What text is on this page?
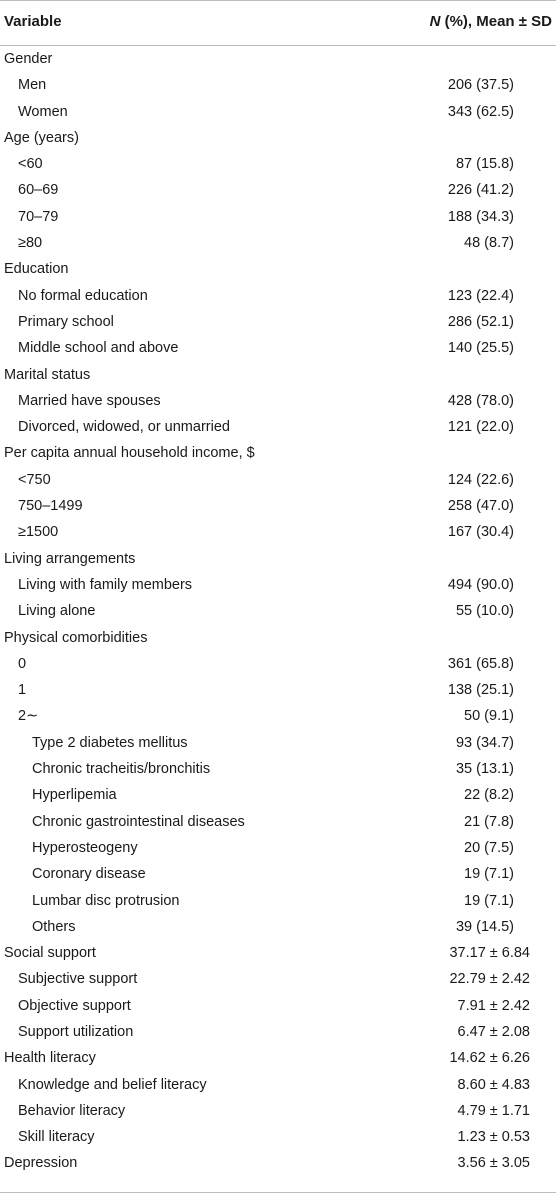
Variable	N (%), Mean ± SD
Gender
Men	206 (37.5)
Women	343 (62.5)
Age (years)
<60	87 (15.8)
60–69	226 (41.2)
70–79	188 (34.3)
≥80	48 (8.7)
Education
No formal education	123 (22.4)
Primary school	286 (52.1)
Middle school and above	140 (25.5)
Marital status
Married have spouses	428 (78.0)
Divorced, widowed, or unmarried	121 (22.0)
Per capita annual household income, $
<750	124 (22.6)
750–1499	258 (47.0)
≥1500	167 (30.4)
Living arrangements
Living with family members	494 (90.0)
Living alone	55 (10.0)
Physical comorbidities
0	361 (65.8)
1	138 (25.1)
2∼	50 (9.1)
Type 2 diabetes mellitus	93 (34.7)
Chronic tracheitis/bronchitis	35 (13.1)
Hyperlipemia	22 (8.2)
Chronic gastrointestinal diseases	21 (7.8)
Hyperosteogeny	20 (7.5)
Coronary disease	19 (7.1)
Lumbar disc protrusion	19 (7.1)
Others	39 (14.5)
Social support	37.17 ± 6.84
Subjective support	22.79 ± 2.42
Objective support	7.91 ± 2.42
Support utilization	6.47 ± 2.08
Health literacy	14.62 ± 6.26
Knowledge and belief literacy	8.60 ± 4.83
Behavior literacy	4.79 ± 1.71
Skill literacy	1.23 ± 0.53
Depression	3.56 ± 3.05
